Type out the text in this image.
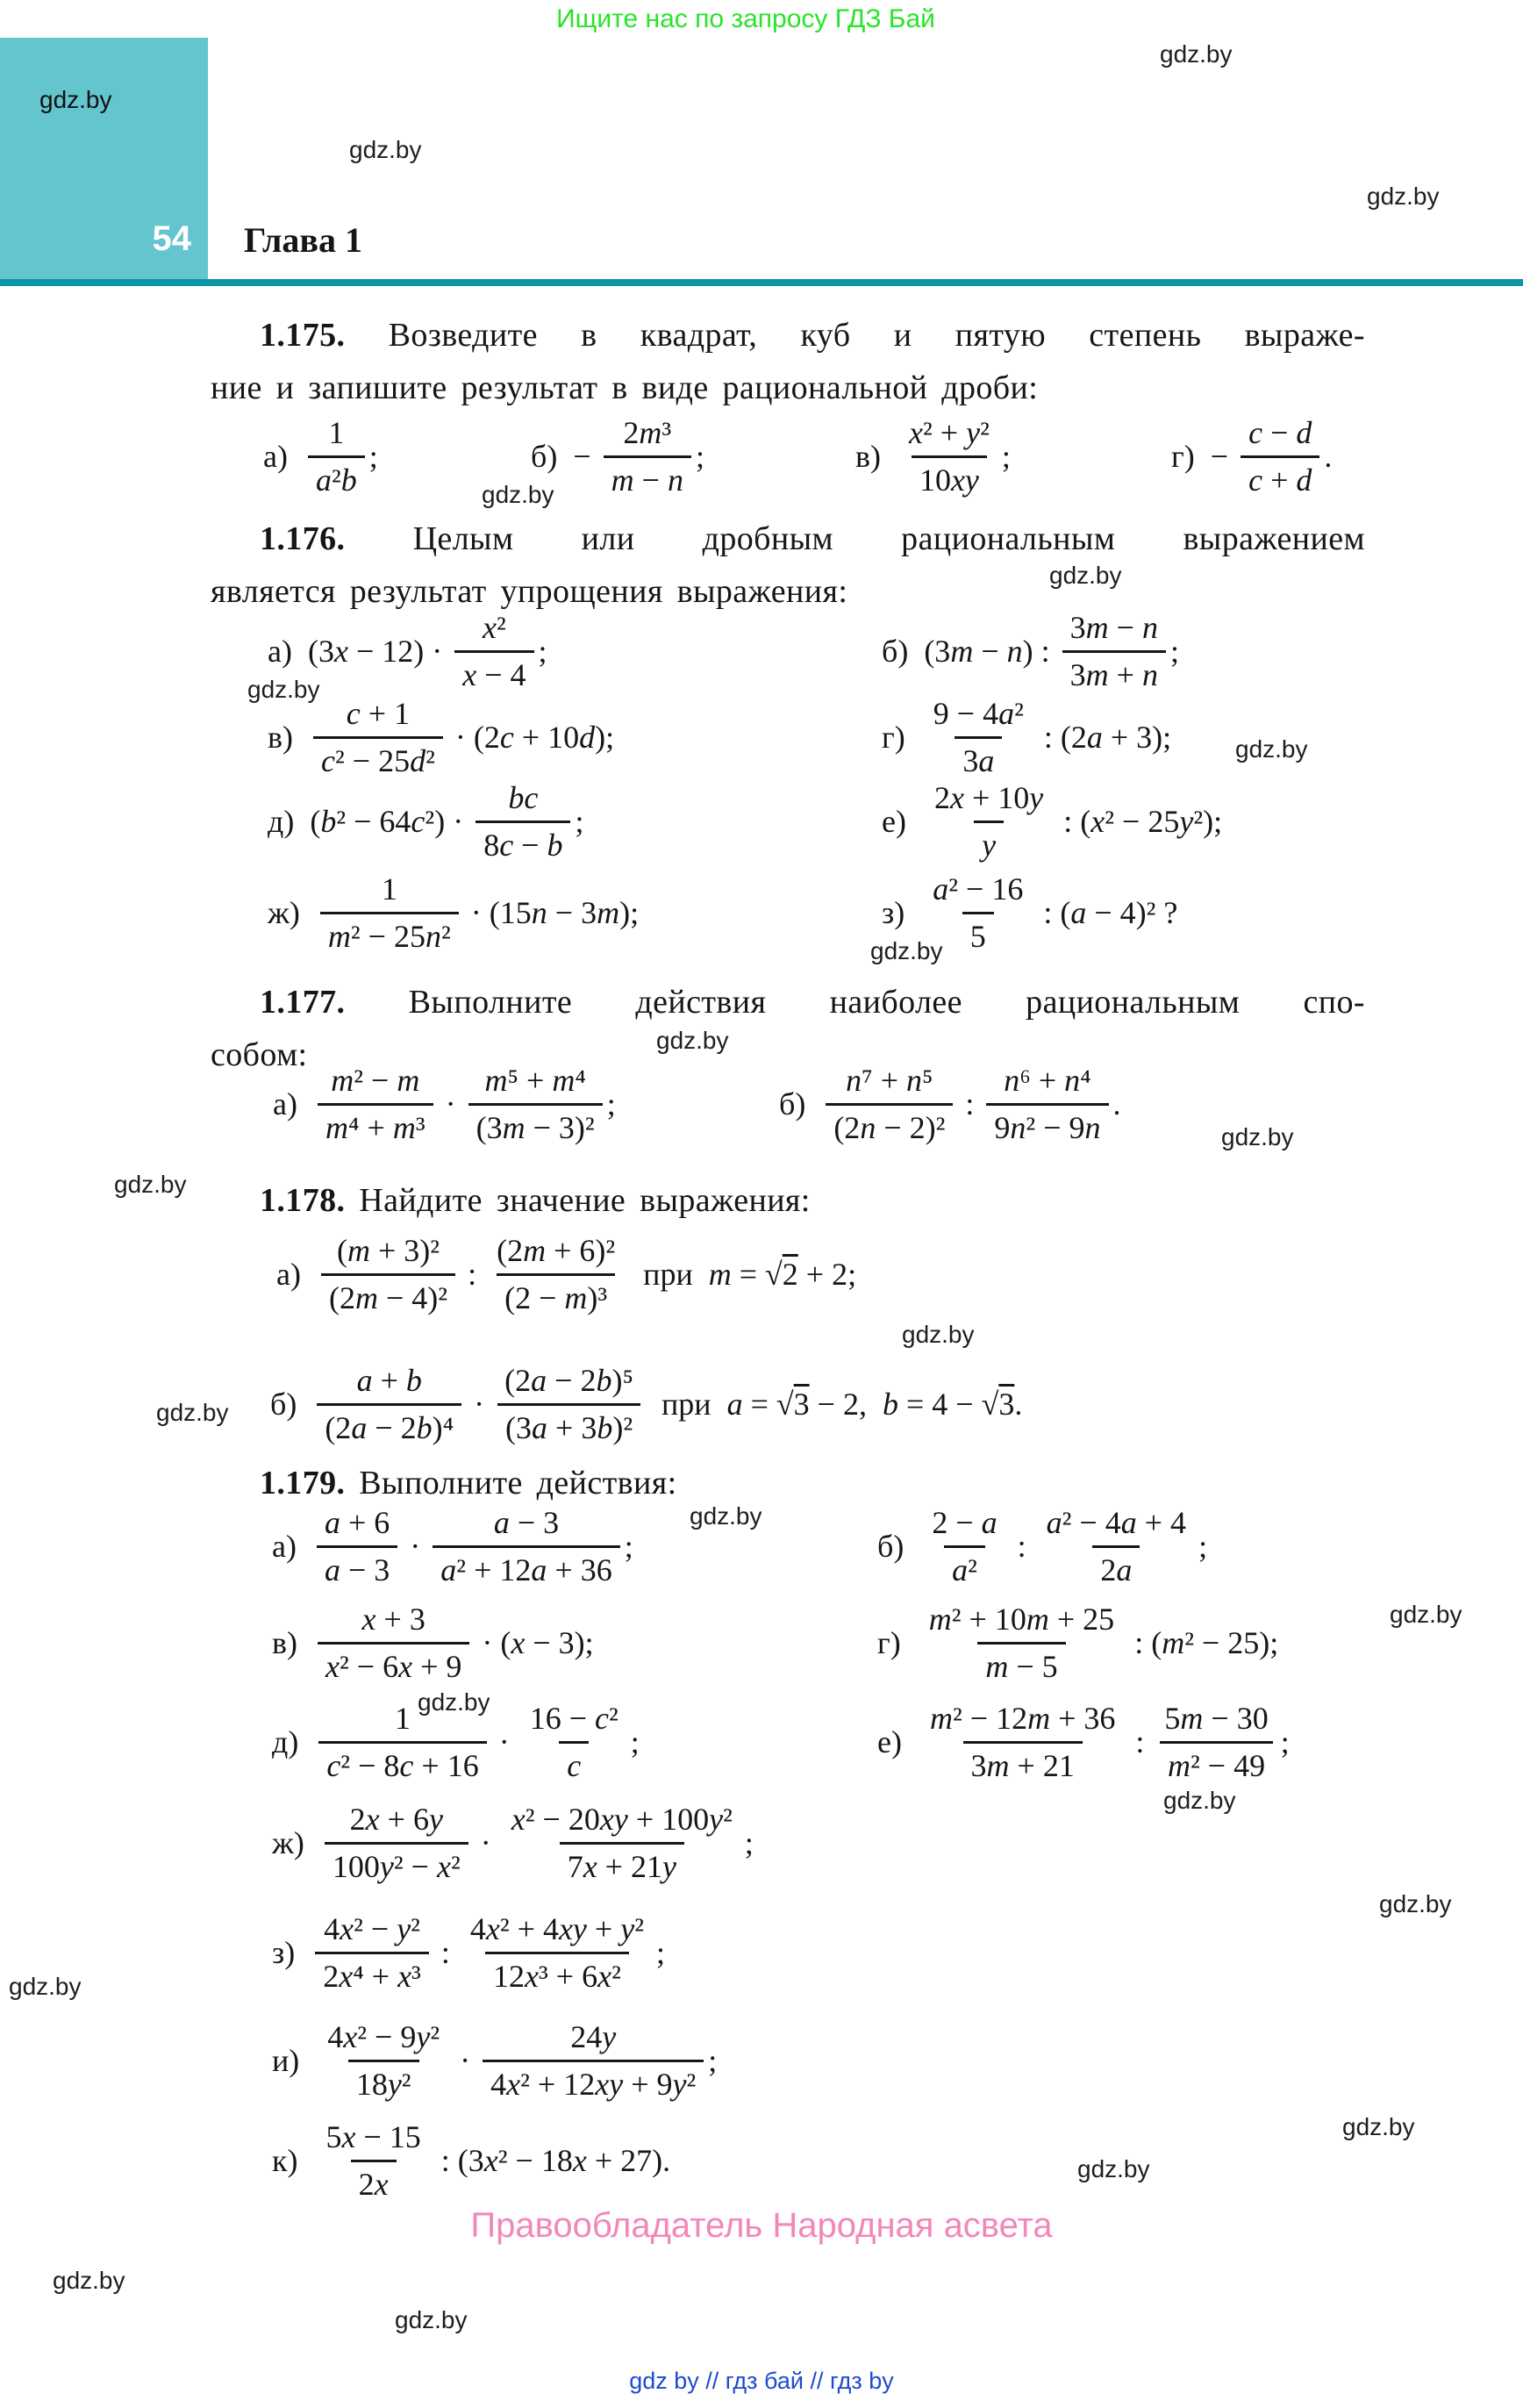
Ищите нас по запросу ГДЗ Бай
54 Глава 1
1.175. Возведите в квадрат, куб и пятую степень выраже-
ние и запишите результат в виде рациональной дроби:
$а) \frac{1}{\text{a²b}}$ ;	$б) - \frac{\text{2m³}}{m - n}$ ;	$в) \frac{\text{x² + y²}}{10xy}$ ;	$г) - \frac{c - d}{c + d}$ .
1.176. Целым или дробным рациональным выражением
является результат упрощения выражения:
а) $(3x - 12) \cdot \frac{\text{x²}}{x - 4}$ ;	б) (3m − n) : $\frac{3m - n}{3m + n}$ ;
$в) \frac{c + 1}{\text{c² − 25d²}} \cdot (2c + 10d)$;	$г) \frac{\text{9 − 4a²}}{3a}$ : (2a + 3);
д) $(b^2 - 64c^2) \cdot \frac{bc}{8c - b}$ ;	$е) \frac{2x + 10y}{y}$ : (x² − 25y²);
$ж) \frac{1}{\text{m² − 25n²}} \cdot (15n - 3m)$;	$з) \frac{\text{a² − 16}}{5}$ : (a − 4)² ?
1.177. Выполните действия наиболее рациональным спо-
собом:
$а) \frac{\text{m² − m}}{\text{m⁴ + m³}} \cdot \frac{\text{m⁵ + m⁴}}{\text{(3m − 3)²}}$ ;	$б) \frac{\text{n⁷ + n⁵}}{\text{(2n − 2)²}}$ : $\frac{\text{n⁶ + n⁴}}{\text{9n² − 9n}}$ .
1.178. Найдите значение выражения:
$а) \frac{\text{(m + 3)²}}{\text{(2m − 4)²}}$ : $\frac{\text{(2m + 6)²}}{\text{(2 − m)³}}$ при  m = √2 + 2;
$б) \frac{a + b}{\text{(2a − 2b)⁴}} \cdot \frac{\text{(2a − 2b)⁵}}{\text{(3a + 3b)²}}$ при  a = √3 − 2,  b = 4 − √3 .
1.179. Выполните действия:
$а) \frac{a + 6}{a - 3} \cdot \frac{a - 3}{\text{a² + 12a + 36}}$ ;	$б) \frac{2 - a}{\text{a²}}$ : $\frac{\text{a² − 4a + 4}}{2a}$ ;
$в) \frac{x + 3}{\text{x² − 6x + 9}} \cdot (x - 3)$;	$г) \frac{\text{m² + 10m + 25}}{m - 5}$ : (m² − 25);
$д) \frac{1}{\text{c² − 8c + 16}} \cdot \frac{\text{16 − c²}}{c}$ ;	$е) \frac{\text{m² − 12m + 36}}{3m + 21}$ : $\frac{5m - 30}{\text{m² − 49}}$ ;
$ж) \frac{2x + 6y}{\text{100y² − x²}} \cdot \frac{\text{x² − 20xy + 100y²}}{7x + 21y}$ ;
$з) \frac{\text{4x² − y²}}{\text{2x⁴ + x³}}$ : $\frac{\text{4x² + 4xy + y²}}{\text{12x³ + 6x²}}$ ;
$и) \frac{\text{4x² − 9y²}}{\text{18y²}} \cdot \frac{24y}{\text{4x² + 12xy + 9y²}}$ ;
$к) \frac{5x - 15}{2x}$ : (3x² − 18x + 27).
Правообладатель Народная асвета
gdz by // гдз бай // гдз by
gdz.by
gdz.by
gdz.by
gdz.by
gdz.by
gdz.by
gdz.by
gdz.by
gdz.by
gdz.by
gdz.by
gdz.by
gdz.by
gdz.by
gdz.by
gdz.by
gdz.by
gdz.by
gdz.by
gdz.by
gdz.by
gdz.by
gdz.by
gdz.by
